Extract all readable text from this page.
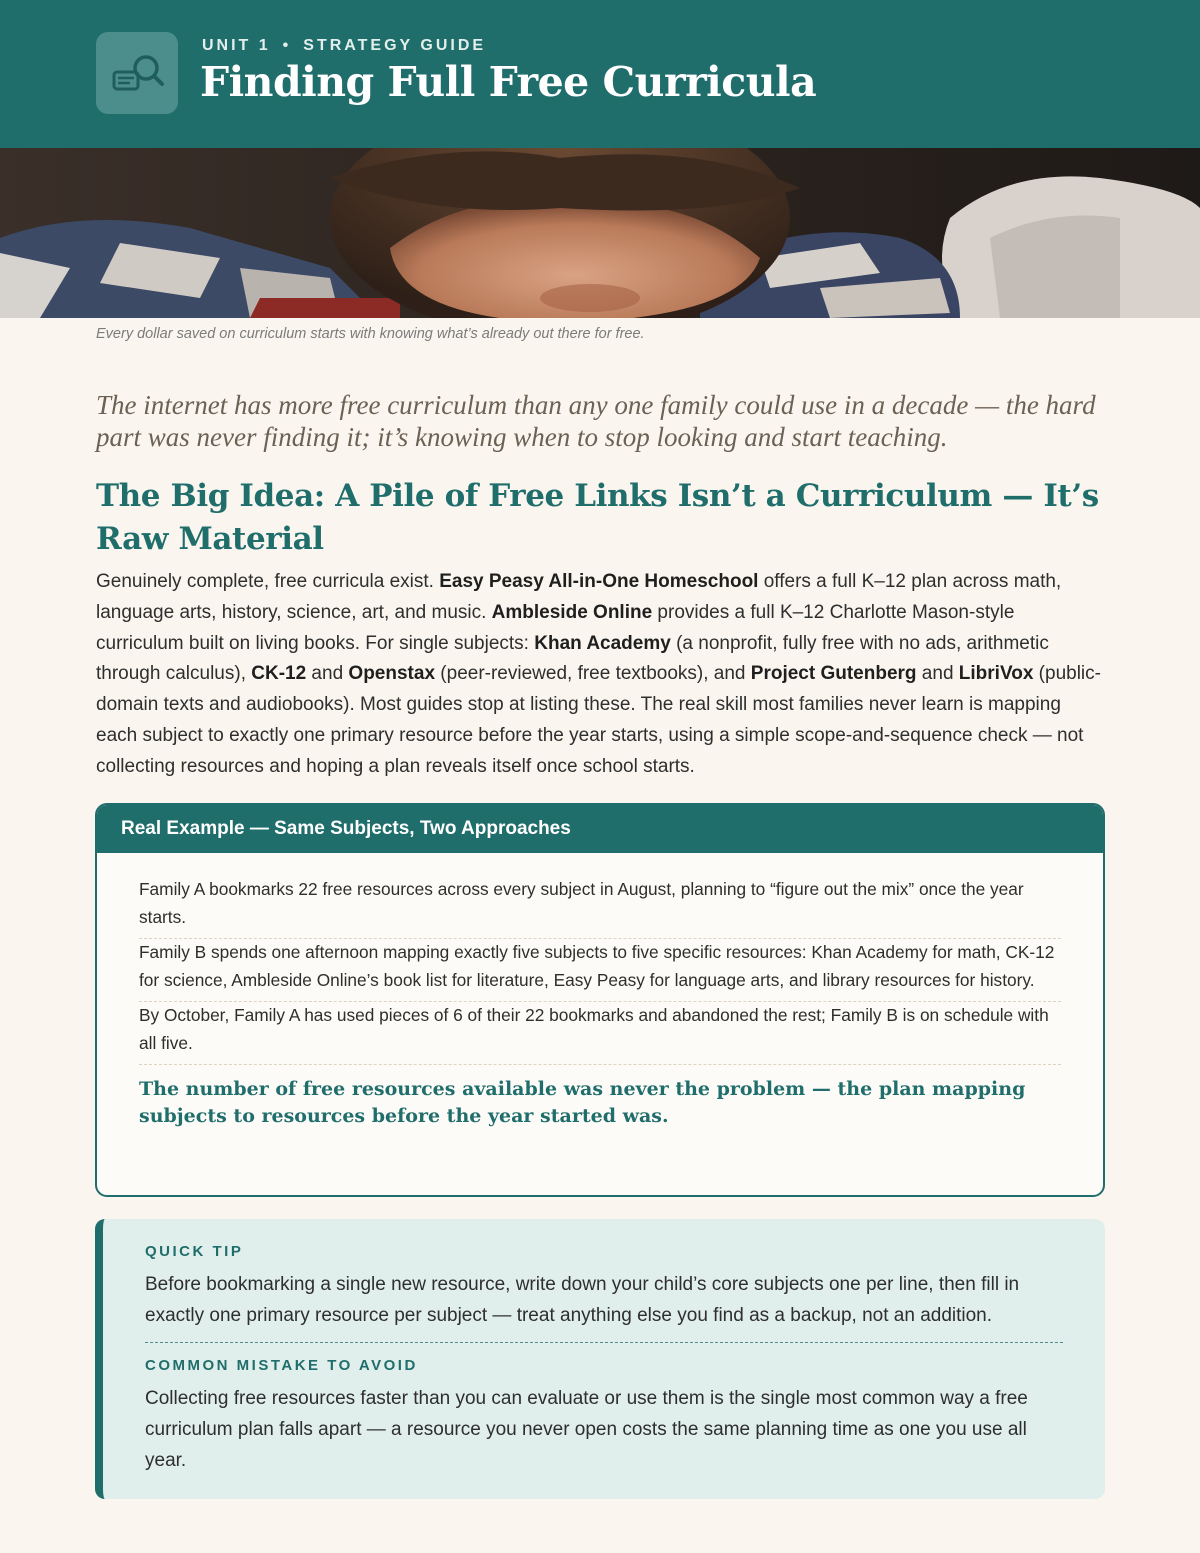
UNIT 1 • STRATEGY GUIDE
Finding Full Free Curricula
Every dollar saved on curriculum starts with knowing what’s already out there for free.

The internet has more free curriculum than any one family could use in a decade — the hard part was never finding it; it’s knowing when to stop looking and start teaching.

The Big Idea: A Pile of Free Links Isn’t a Curriculum — It’s Raw Material

Genuinely complete, free curricula exist. Easy Peasy All-in-One Homeschool offers a full K–12 plan across math, language arts, history, science, art, and music. Ambleside Online provides a full K–12 Charlotte Mason-style curriculum built on living books. For single subjects: Khan Academy (a nonprofit, fully free with no ads, arithmetic through calculus), CK-12 and Openstax (peer-reviewed, free textbooks), and Project Gutenberg and LibriVox (public-domain texts and audiobooks). Most guides stop at listing these. The real skill most families never learn is mapping each subject to exactly one primary resource before the year starts, using a simple scope-and-sequence check — not collecting resources and hoping a plan reveals itself once school starts.

Real Example — Same Subjects, Two Approaches
Family A bookmarks 22 free resources across every subject in August, planning to “figure out the mix” once the year starts.
Family B spends one afternoon mapping exactly five subjects to five specific resources: Khan Academy for math, CK-12 for science, Ambleside Online’s book list for literature, Easy Peasy for language arts, and library resources for history.
By October, Family A has used pieces of 6 of their 22 bookmarks and abandoned the rest; Family B is on schedule with all five.
The number of free resources available was never the problem — the plan mapping subjects to resources before the year started was.
QUICK TIP
Before bookmarking a single new resource, write down your child’s core subjects one per line, then fill in exactly one primary resource per subject — treat anything else you find as a backup, not an addition.
COMMON MISTAKE TO AVOID
Collecting free resources faster than you can evaluate or use them is the single most common way a free curriculum plan falls apart — a resource you never open costs the same planning time as one you use all year.
